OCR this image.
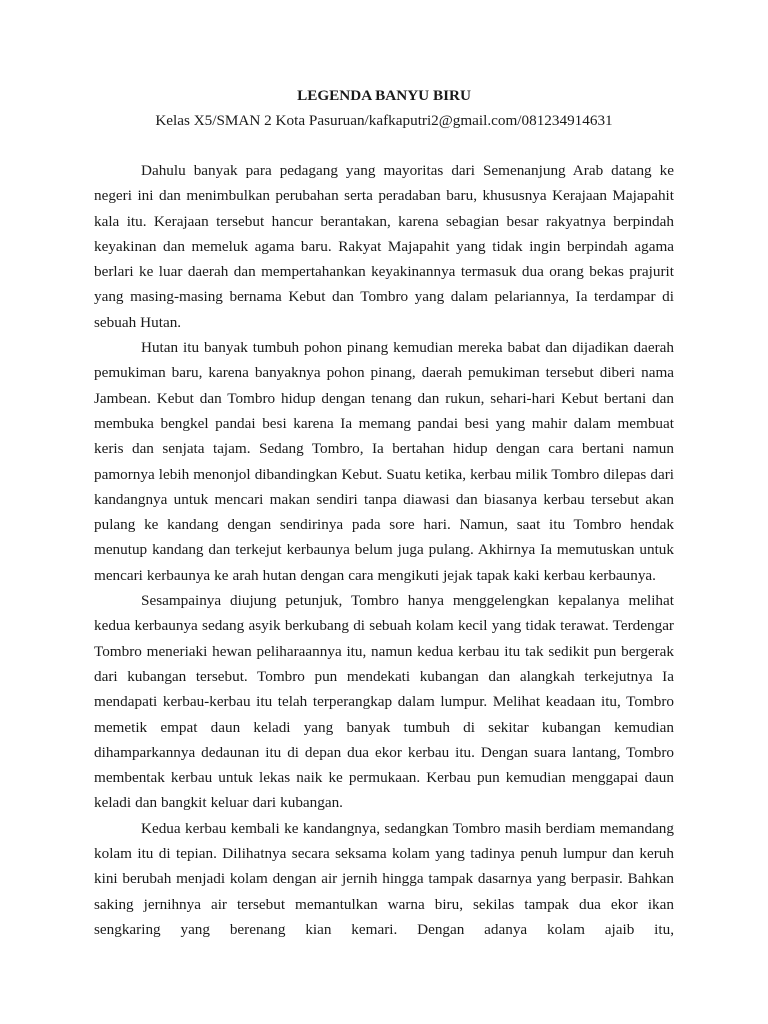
LEGENDA BANYU BIRU
Kelas X5/SMAN 2 Kota Pasuruan/kafkaputri2@gmail.com/081234914631

Dahulu banyak para pedagang yang mayoritas dari Semenanjung Arab datang ke negeri ini dan menimbulkan perubahan serta peradaban baru, khususnya Kerajaan Majapahit kala itu. Kerajaan tersebut hancur berantakan, karena sebagian besar rakyatnya berpindah keyakinan dan memeluk agama baru. Rakyat Majapahit yang tidak ingin berpindah agama berlari ke luar daerah dan mempertahankan keyakinannya termasuk dua orang bekas prajurit yang masing-masing bernama Kebut dan Tombro yang dalam pelariannya, Ia terdampar di sebuah Hutan.

Hutan itu banyak tumbuh pohon pinang kemudian mereka babat dan dijadikan daerah pemukiman baru, karena banyaknya pohon pinang, daerah pemukiman tersebut diberi nama Jambean. Kebut dan Tombro hidup dengan tenang dan rukun, sehari-hari Kebut bertani dan membuka bengkel pandai besi karena Ia memang pandai besi yang mahir dalam membuat keris dan senjata tajam. Sedang Tombro, Ia bertahan hidup dengan cara bertani namun pamornya lebih menonjol dibandingkan Kebut. Suatu ketika, kerbau milik Tombro dilepas dari kandangnya untuk mencari makan sendiri tanpa diawasi dan biasanya kerbau tersebut akan pulang ke kandang dengan sendirinya pada sore hari. Namun, saat itu Tombro hendak menutup kandang dan terkejut kerbaunya belum juga pulang. Akhirnya Ia memutuskan untuk mencari kerbaunya ke arah hutan dengan cara mengikuti jejak tapak kaki kerbau kerbaunya.

Sesampainya diujung petunjuk, Tombro hanya menggelengkan kepalanya melihat kedua kerbaunya sedang asyik berkubang di sebuah kolam kecil yang tidak terawat. Terdengar Tombro meneriaki hewan peliharaannya itu, namun kedua kerbau itu tak sedikit pun bergerak dari kubangan tersebut. Tombro pun mendekati kubangan dan alangkah terkejutnya Ia mendapati kerbau-kerbau itu telah terperangkap dalam lumpur. Melihat keadaan itu, Tombro memetik empat daun keladi yang banyak tumbuh di sekitar kubangan kemudian dihamparkannya dedaunan itu di depan dua ekor kerbau itu. Dengan suara lantang, Tombro membentak kerbau untuk lekas naik ke permukaan. Kerbau pun kemudian menggapai daun keladi dan bangkit keluar dari kubangan.

Kedua kerbau kembali ke kandangnya, sedangkan Tombro masih berdiam memandang kolam itu di tepian. Dilihatnya secara seksama kolam yang tadinya penuh lumpur dan keruh kini berubah menjadi kolam dengan air jernih hingga tampak dasarnya yang berpasir. Bahkan saking jernihnya air tersebut memantulkan warna biru, sekilas tampak dua ekor ikan sengkaring yang berenang kian kemari. Dengan adanya kolam ajaib itu,
